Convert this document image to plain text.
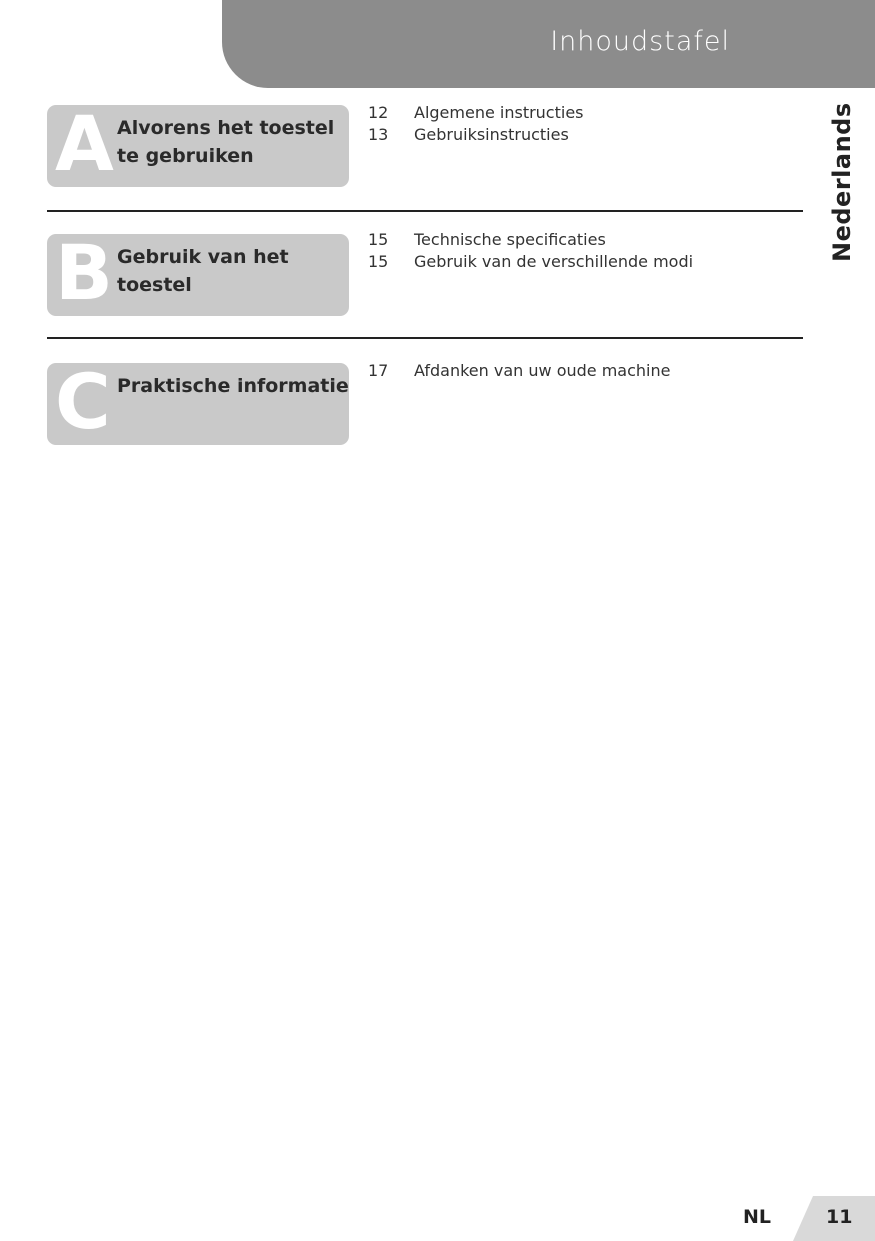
Inhoudstafel
Nederlands
A Alvorens het toestel
te gebruiken
12	Algemene instructies
13	Gebruiksinstructies
B Gebruik van het
toestel
15	Technische specificaties
15	Gebruik van de verschillende modi
C Praktische informatie
17	Afdanken van uw oude machine
NL	11
